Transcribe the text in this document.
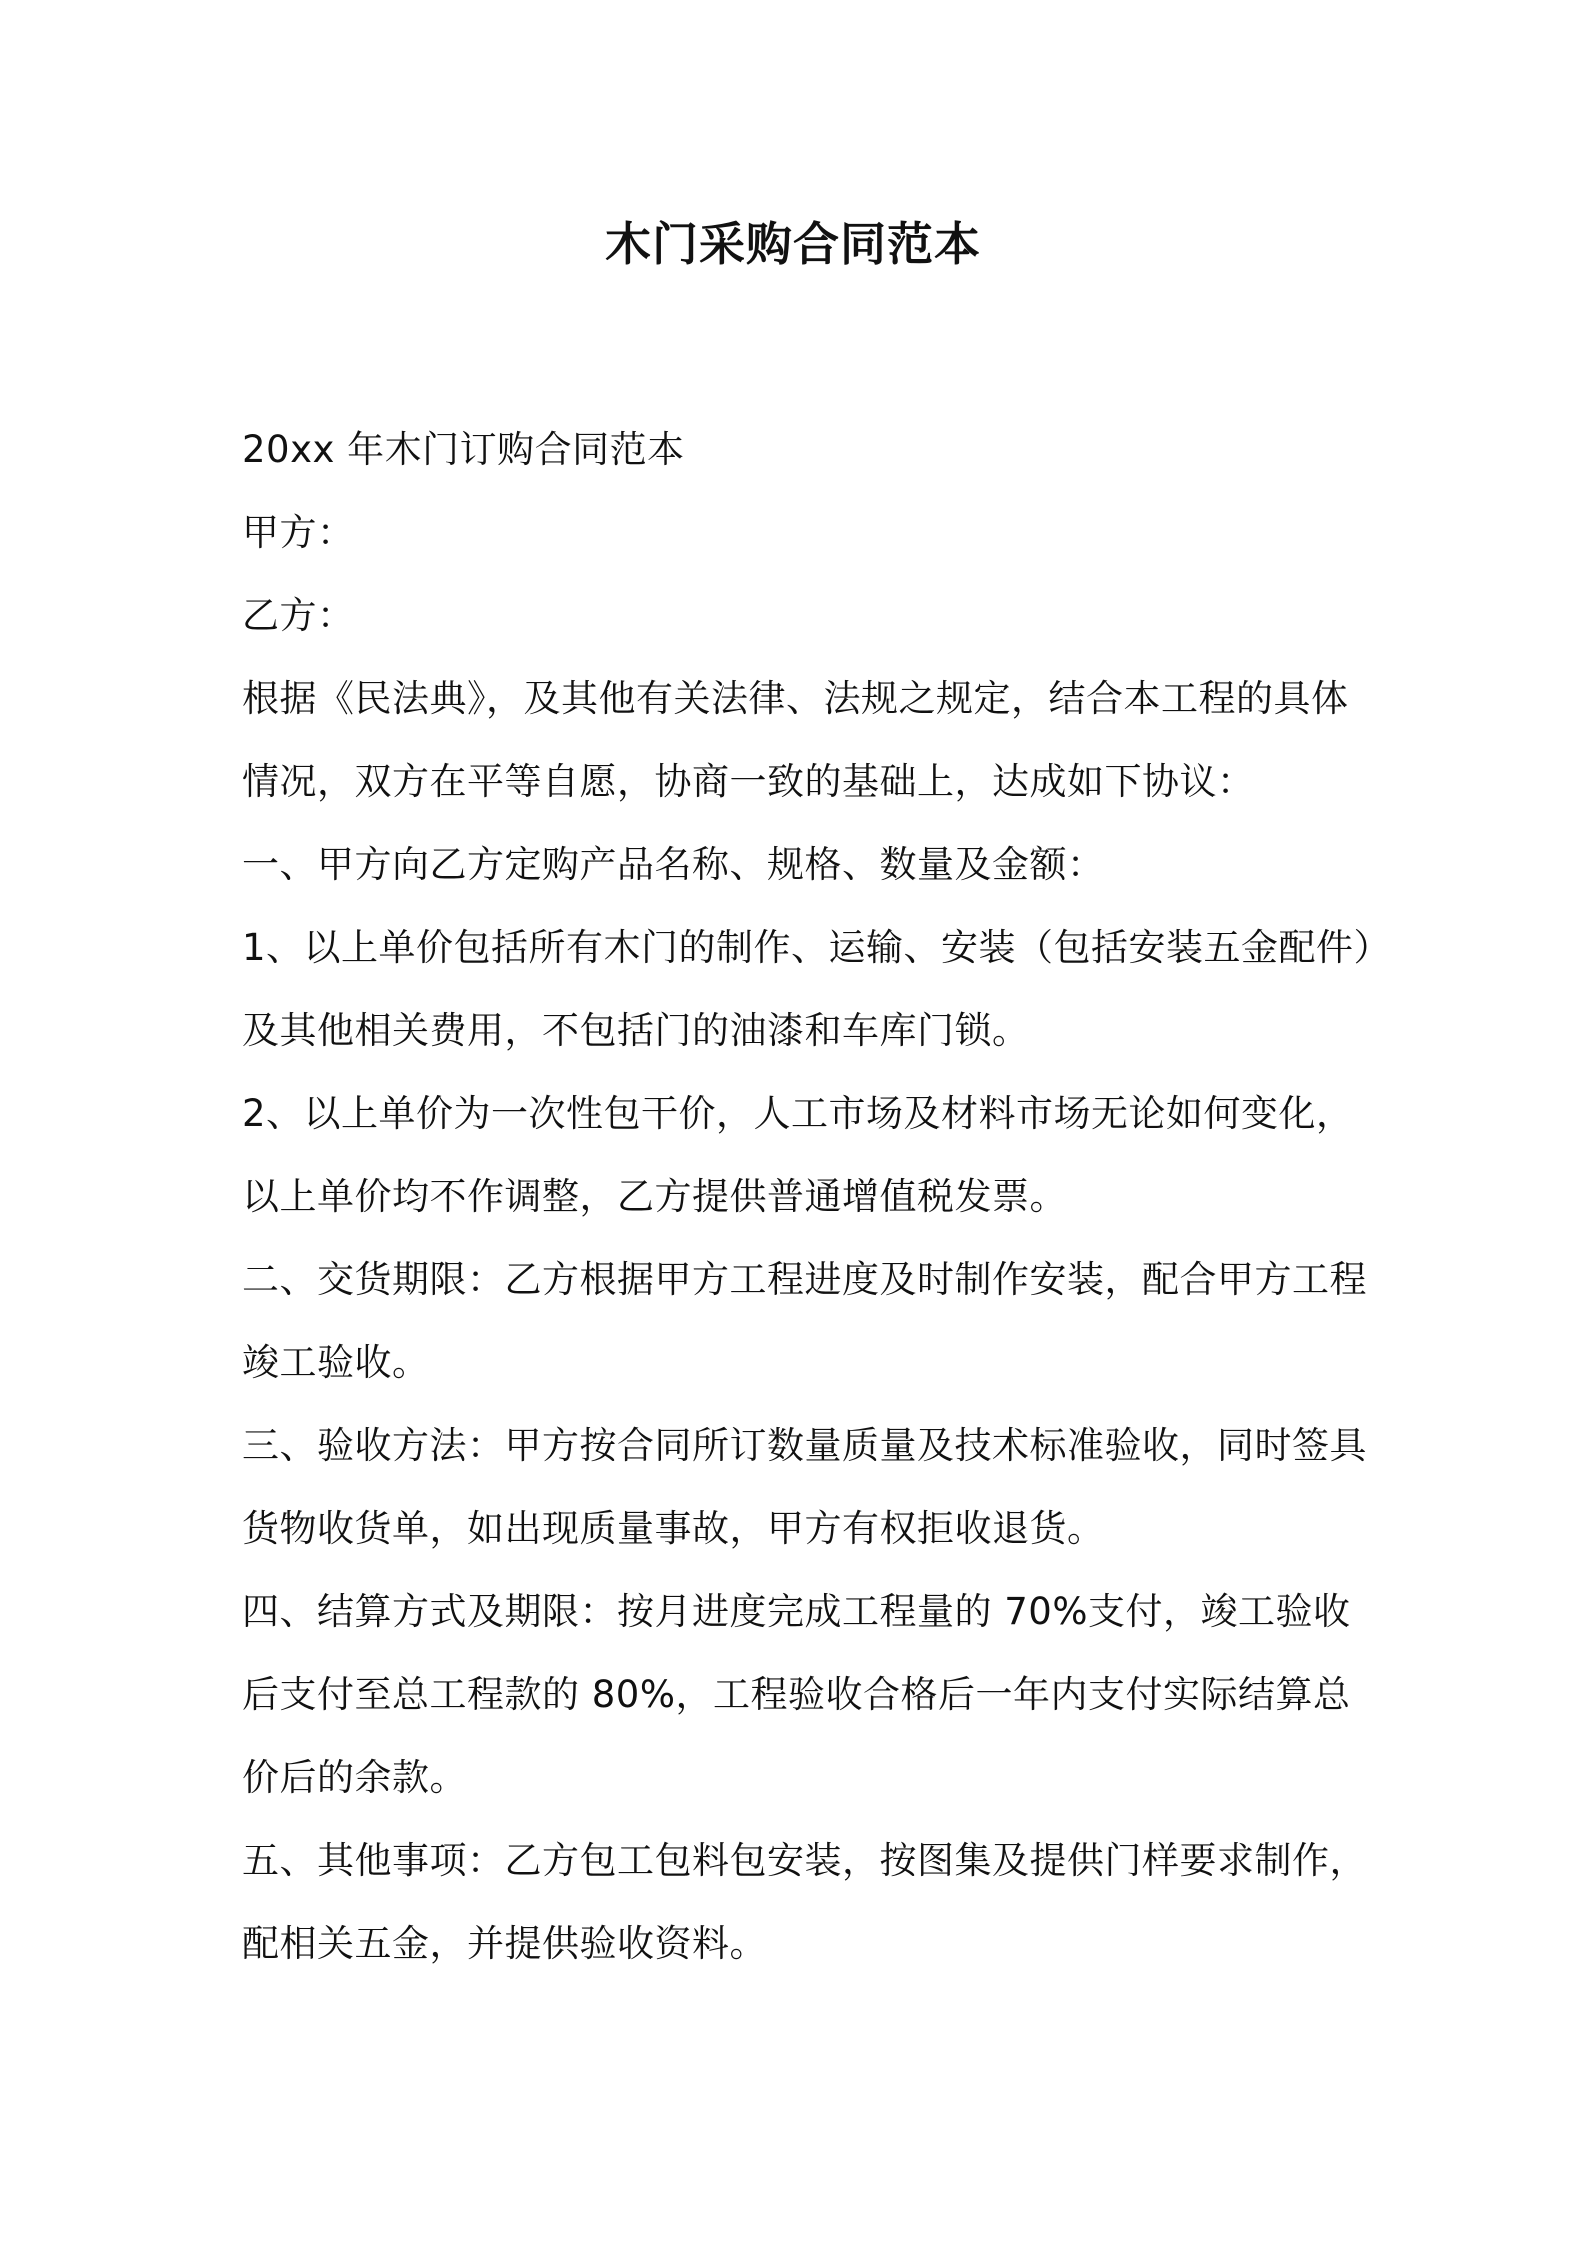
木门采购合同范本
20xx 年木门订购合同范本
甲方：
乙方：
根据《民法典》，及其他有关法律、法规之规定，结合本工程的具体
情况，双方在平等自愿，协商一致的基础上，达成如下协议：
一、甲方向乙方定购产品名称、规格、数量及金额：
1、以上单价包括所有木门的制作、运输、安装（包括安装五金配件）
及其他相关费用，不包括门的油漆和车库门锁。
2、以上单价为一次性包干价，人工市场及材料市场无论如何变化，
以上单价均不作调整，乙方提供普通增值税发票。
二、交货期限：乙方根据甲方工程进度及时制作安装，配合甲方工程
竣工验收。
三、验收方法：甲方按合同所订数量质量及技术标准验收，同时签具
货物收货单，如出现质量事故，甲方有权拒收退货。
四、结算方式及期限：按月进度完成工程量的 70%支付，竣工验收
后支付至总工程款的 80%，工程验收合格后一年内支付实际结算总
价后的余款。
五、其他事项：乙方包工包料包安装，按图集及提供门样要求制作，
配相关五金，并提供验收资料。
